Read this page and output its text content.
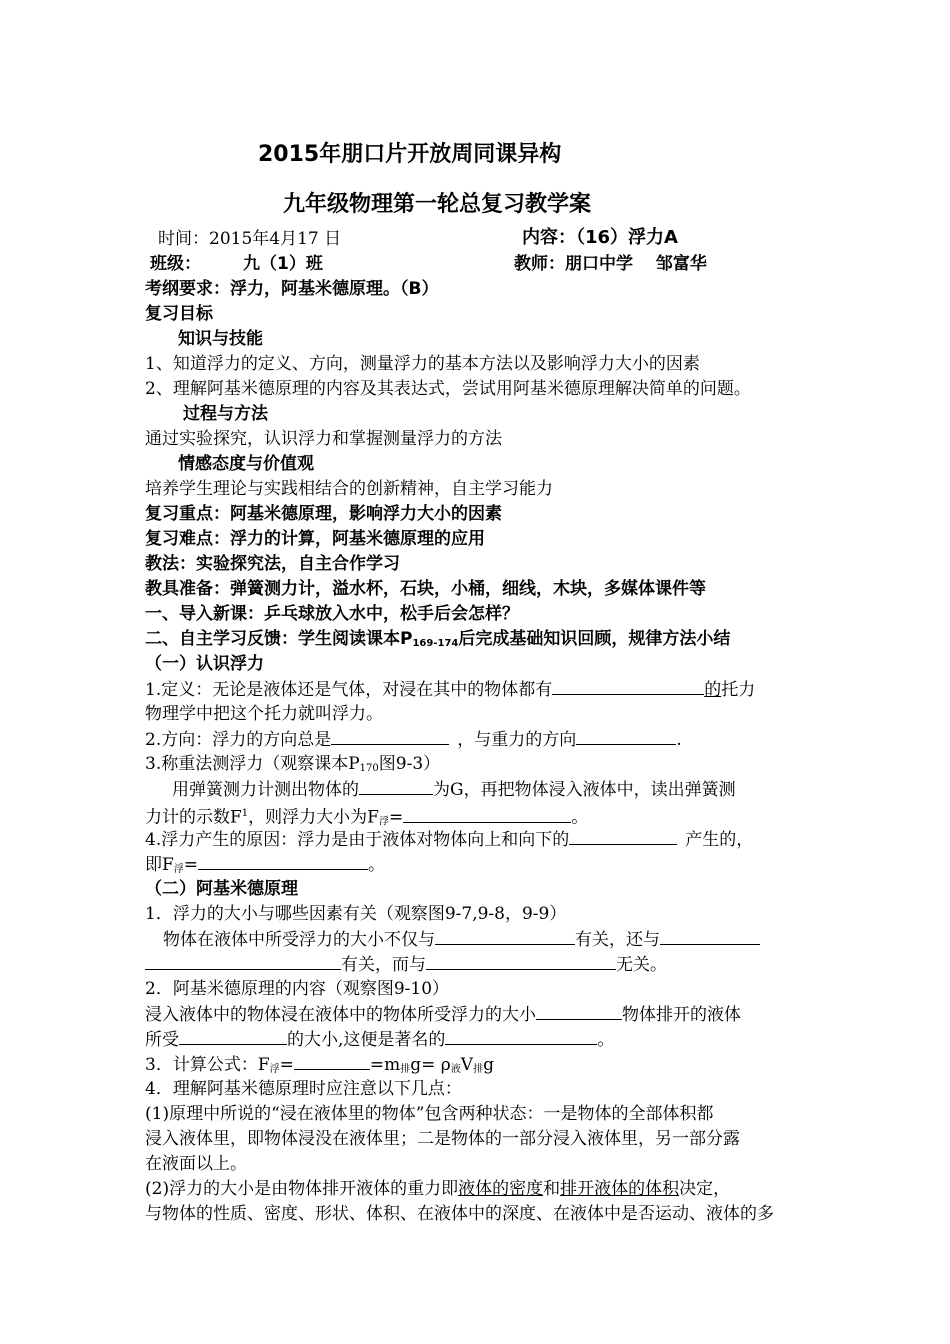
2015年朋口片开放周同课异构
九年级物理第一轮总复习教学案
时间：2015年4月17 日	内容：（16）浮力A
班级： 九（1）班	教师：朋口中学　 邹富华
考纲要求：浮力，阿基米德原理。（B）
复习目标
知识与技能
1、知道浮力的定义、方向，测量浮力的基本方法以及影响浮力大小的因素
2、理解阿基米德原理的内容及其表达式，尝试用阿基米德原理解决简单的问题。
过程与方法
通过实验探究，认识浮力和掌握测量浮力的方法
情感态度与价值观
培养学生理论与实践相结合的创新精神，自主学习能力
复习重点：阿基米德原理，影响浮力大小的因素
复习难点：浮力的计算，阿基米德原理的应用
教法：实验探究法，自主合作学习
教具准备：弹簧测力计，溢水杯，石块，小桶，细线，木块，多媒体课件等
一、导入新课：乒乓球放入水中，松手后会怎样？
二、自主学习反馈：学生阅读课本$P_{169-174}$后完成基础知识回顾，规律方法小结
（一）认识浮力
1.定义：无论是液体还是气体，对浸在其中的物体都有	的托力
物理学中把这个托力就叫浮力。
2.方向：浮力的方向总是	，与重力的方向	.
3.称重法测浮力（观察课本$P_{170}$图9-3）
用弹簧测力计测出物体的	为G，再把物体浸入液体中，读出弹簧测
力计的示数$F^1$，则浮力大小为$F_浮=$	。
4.浮力产生的原因：浮力是由于液体对物体向上和向下的	产生的，
即$F_浮=$	。
（二）阿基米德原理
1．浮力的大小与哪些因素有关（观察图9-7,9-8，9-9）
物体在液体中所受浮力的大小不仅与	有关，还与
有关，而与	无关。
2．阿基米德原理的内容（观察图9-10）
浸入液体中的物体浸在液体中的物体所受浮力的大小	物体排开的液体
所受	的大小,这便是著名的	。
3．计算公式：$F_浮=$	$=m_排g= \rho_液V_排g$
4．理解阿基米德原理时应注意以下几点：
(1)原理中所说的“浸在液体里的物体”包含两种状态：一是物体的全部体积都
浸入液体里，即物体浸没在液体里；二是物体的一部分浸入液体里，另一部分露
在液面以上。
(2)浮力的大小是由物体排开液体的重力即液体的密度和排开液体的体积决定，
与物体的性质、密度、形状、体积、在液体中的深度、在液体中是否运动、液体的多
